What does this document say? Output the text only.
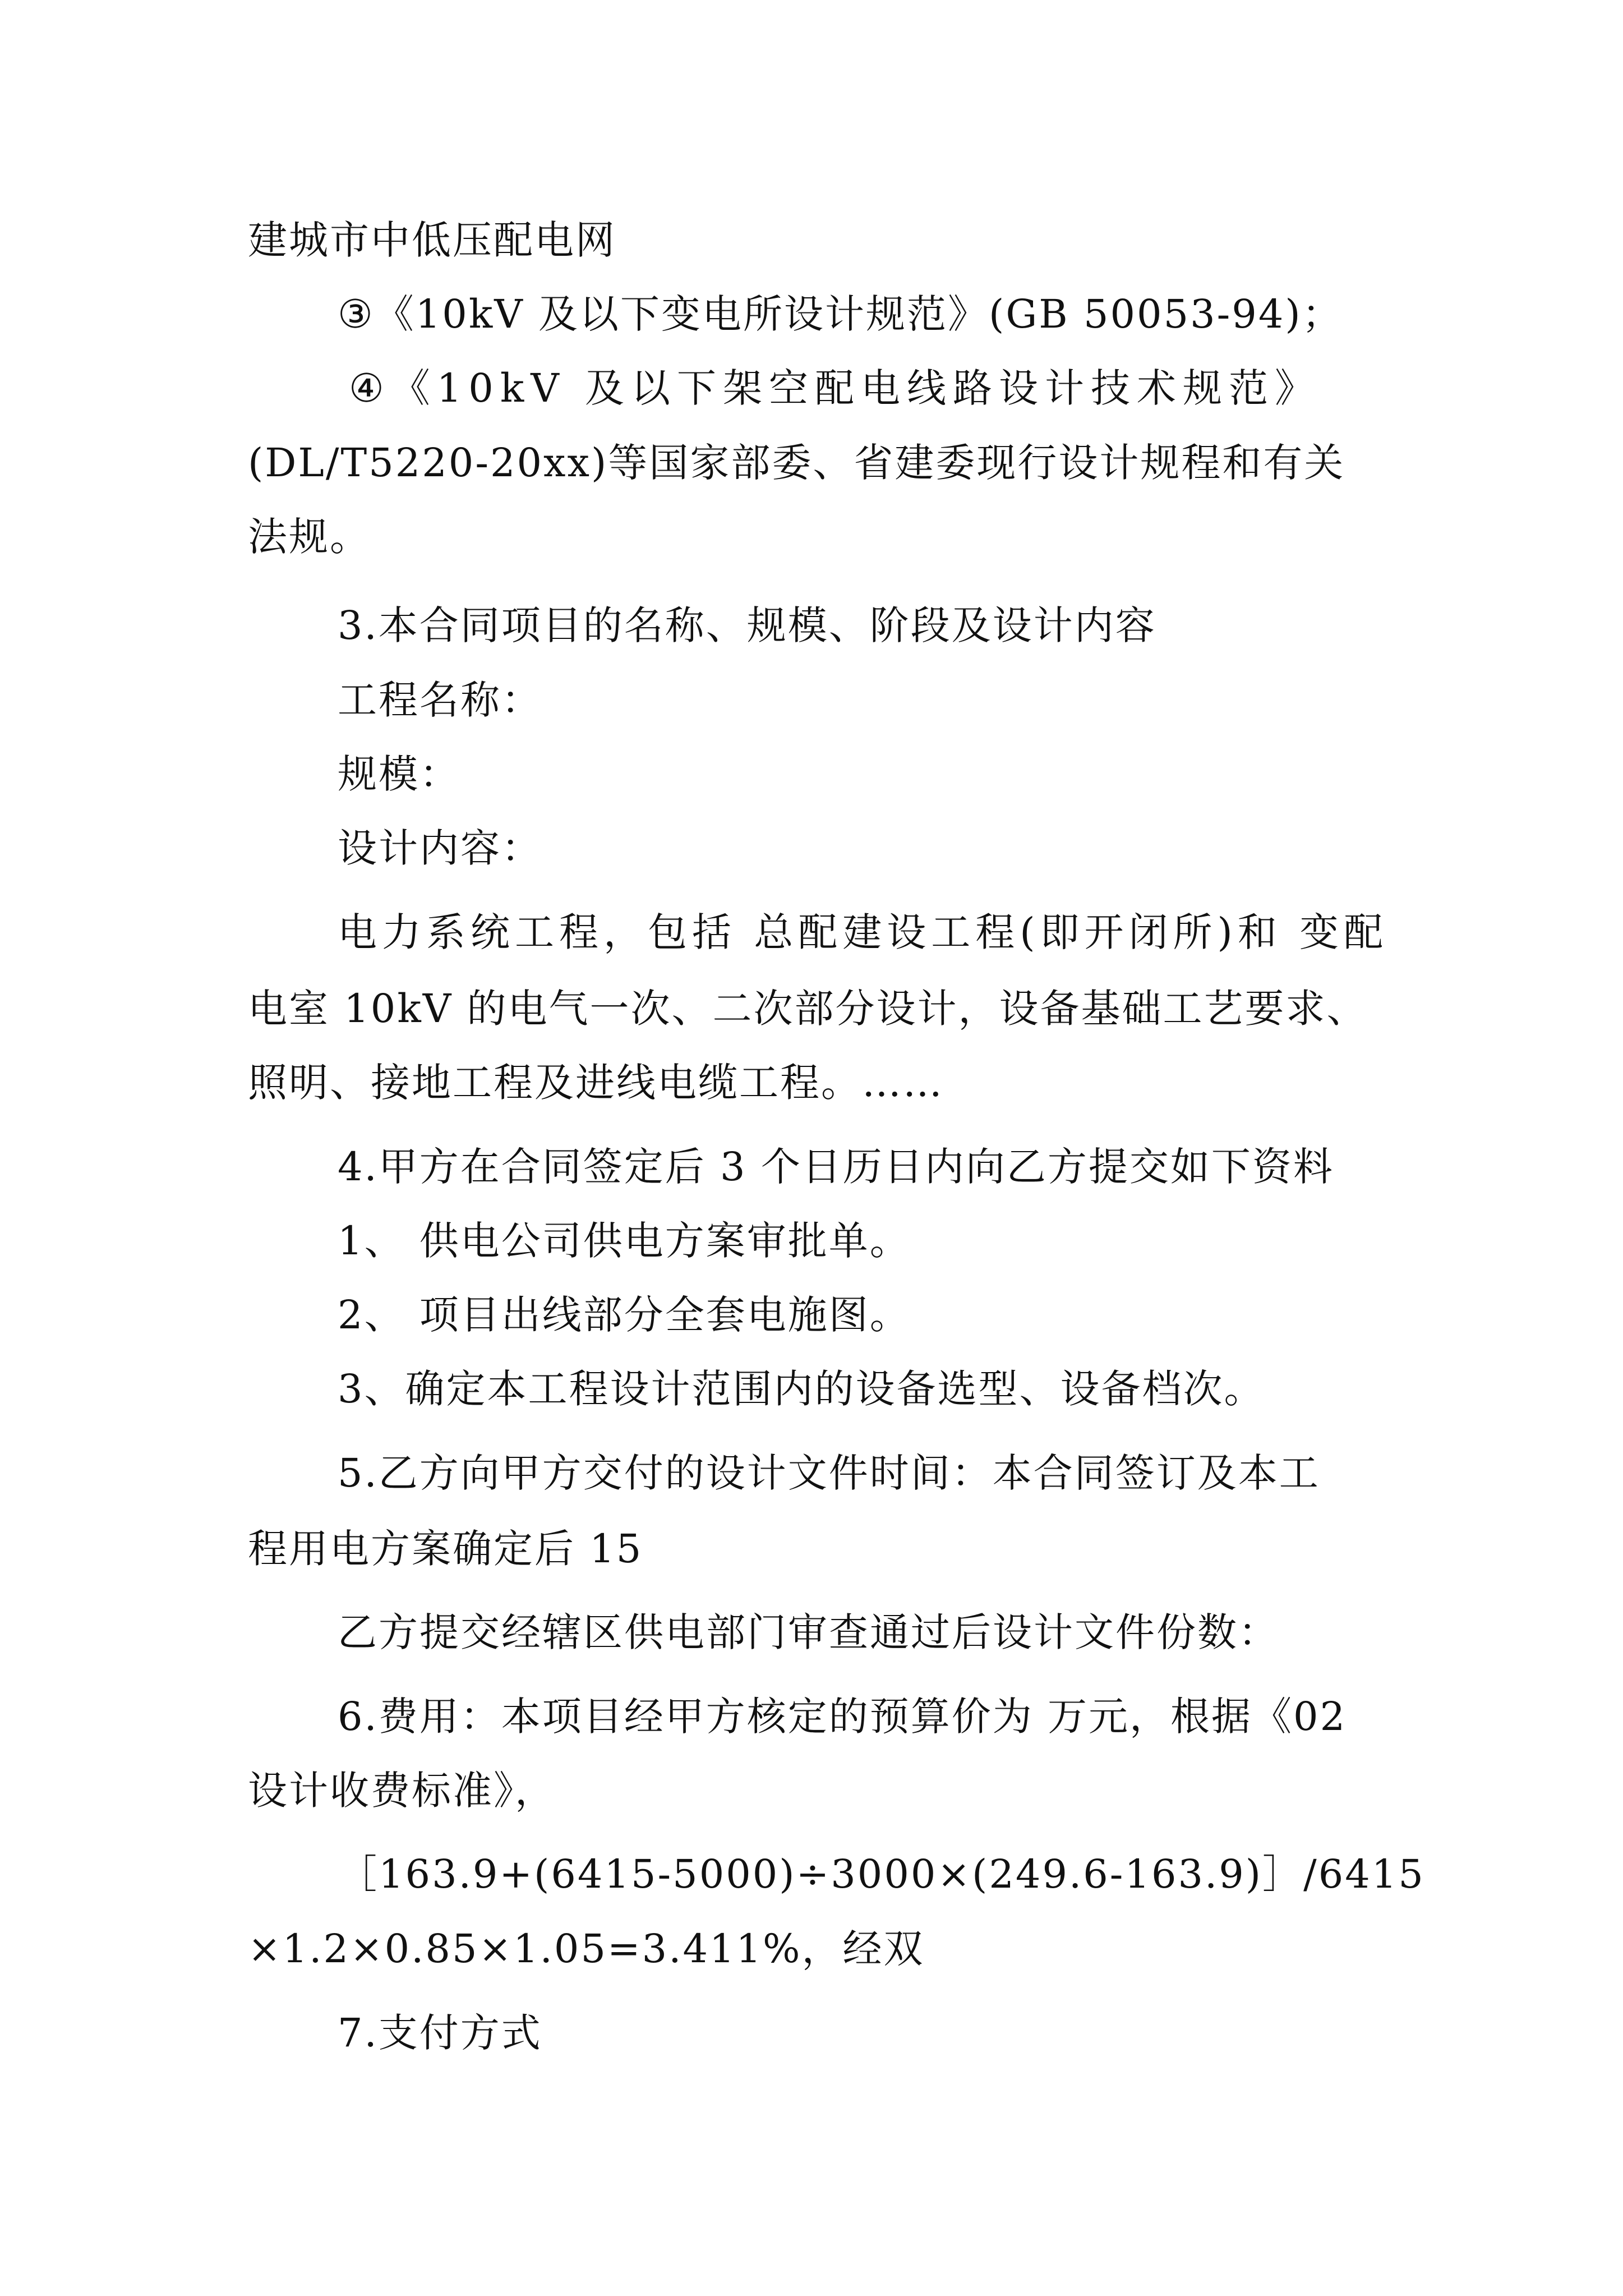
建城市中低压配电网
③《10kV 及以下变电所设计规范》(GB 50053-94)；
④《10kV 及以下架空配电线路设计技术规范》
(DL/T5220-20xx)等国家部委、省建委现行设计规程和有关
法规。
3.本合同项目的名称、规模、阶段及设计内容
工程名称：
规模：
设计内容：
电力系统工程，包括 总配建设工程(即开闭所)和 变配
电室 10kV 的电气一次、二次部分设计，设备基础工艺要求、
照明、接地工程及进线电缆工程。……
4.甲方在合同签定后 3 个日历日内向乙方提交如下资料
1、 供电公司供电方案审批单。
2、 项目出线部分全套电施图。
3、确定本工程设计范围内的设备选型、设备档次。
5.乙方向甲方交付的设计文件时间：本合同签订及本工
程用电方案确定后 15
乙方提交经辖区供电部门审查通过后设计文件份数：
6.费用：本项目经甲方核定的预算价为 万元，根据《02
设计收费标准》，
［163.9+(6415-5000)÷3000×(249.6-163.9)］/6415
×1.2×0.85×1.05=3.411%，经双
7.支付方式
